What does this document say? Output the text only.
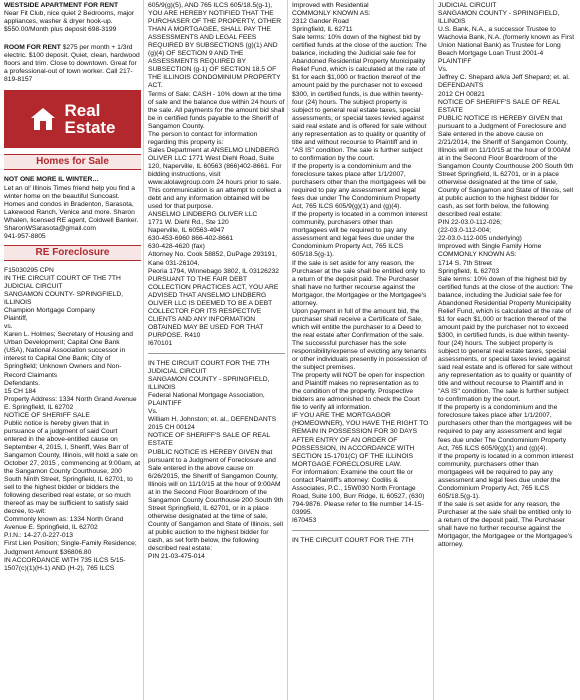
WESTSIDE APARTMENT FOR RENT
Near Fit Club, nice quiet 2 Bedrooms, major appliances, washer & dryer hook-up. $550.00/Month plus deposit 698-3199
ROOM FOR RENT $275 per month + 1/3rd electric. $100 deposit. Quiet, clean, hardwood floors and trim. Close to downtown. Great for a professional-out of town worker. Call 217-819-8157
Real
Estate
Homes for Sale
NOT ONE MORE IL WINTER…
Let an ol' Illinois Times friend help you find a winter home on the beautiful Suncoast. Homes and condos in Bradenton, Sarasota, Lakewood Ranch, Venice and more. Sharon Whalen, licensed RE agent, Coldwell Banker. SharonWSarasota@gmail.com
941-957-8805
RE Foreclosure
F15030295 CPN
IN THE CIRCUIT COURT OF THE 7TH JUDICIAL CIRCUIT
SANGAMON COUNTY- SPRINGFIELD, ILLINOIS
Champion Mortgage Company
Plaintiff,
vs.
Karen L. Holmes; Secretary of Housing and Urban Development; Capital One Bank (USA), National Association successor in interest to Capital One Bank; City of Springfield; Unknown Owners and Non-Record Claimants
Defendants.
15 CH 184
Property Address: 1334 North Grand Avenue E. Springfield, IL 62702
NOTICE OF SHERIFF SALE
Public notice is hereby given that in pursuance of a judgment of said Court entered in the above-entitled cause on September 4, 2015, I, Sheriff, Wes Barr of Sangamon County, Illinois, will hold a sale on October 27, 2015 , commencing at 9:00am, at the Sangamon County Courthouse, 200 South Ninth Street, Springfield, IL 62701, to sell to the highest bidder or bidders the following described real estate, or so much thereof as may be sufficient to satisfy said decree, to-wit:
Commonly known as: 1334 North Grand Avenue E. Springfield, IL 62702
P.I.N.: 14-27.0-227-013
First Lien Position; Single-Family Residence; Judgment Amount $36806.80
IN ACCORDANCE WITH 735 ILCS 5/15-1507(c)(1)(H-1) AND (H-2), 765 ILCS
605/9(g)(5), AND 765 ILCS 605/18.5(g-1), YOU ARE HEREBY NOTIFIED THAT THE PURCHASER OF THE PROPERTY, OTHER THAN A MORTGAGEE, SHALL PAY THE ASSESSMENTS AND LEGAL FEES REQUIRED BY SUBSECTIONS (g)(1) AND (g)(4) OF SECTION 9 AND THE ASSESSMENTS REQUIRED BY SUBSECTION (g-1) OF SECTION 18.5 OF THE ILLINOIS CONDOMINIUM PROPERTY ACT.
Terms of Sale: CASH - 10% down at the time of sale and the balance due within 24 hours of the sale. All payments for the amount bid shall be in certified funds payable to the Sheriff of Sangamon County.
The person to contact for information regarding this property is:
Sales Department at ANSELMO LINDBERG OLIVER LLC 1771 West Diehl Road, Suite 120, Naperville, IL 60563 (866)402-8661. For bidding instructions, visit www.alolawgroup.com 24 hours prior to sale.
This communication is an attempt to collect a debt and any information obtained will be used for that purpose.
ANSELMO LINDBERG OLIVER LLC
1771 W. Diehl Rd., Ste 120
Naperville, IL 60563-4947
630-453-6960 866-402-8661
630-428-4620 (fax)
Attorney No. Cook 58852, DuPage 293191, Kane 031-26104,
Peoria 1794, Winnebago 3802, IL 03126232
PURSUANT TO THE FAIR DEBT COLLECTION PRACTICES ACT, YOU ARE ADVISED THAT ANSELMO LINDBERG OLIVER LLC IS DEEMED TO BE A DEBT COLLECTOR FOR ITS RESPECTIVE CLIENTS AND ANY INFORMATION OBTAINED MAY BE USED FOR THAT PURPOSE. R410
I670101
IN THE CIRCUIT COURT FOR THE 7TH JUDICIAL CIRCUIT
SANGAMON COUNTY - SPRINGFIELD, ILLINOIS
Federal National Mortgage Association, PLAINTIFF
Vs.
William H. Johnston; et. al., DEFENDANTS
2015 CH 00124
NOTICE OF SHERIFF'S SALE OF REAL ESTATE
PUBLIC NOTICE IS HEREBY GIVEN that pursuant to a Judgment of Foreclosure and Sale entered in the above cause on 6/26/2015, the Sheriff of Sangamon County, Illinois will on 11/10/15 at the hour of 9:00AM at in the Second Floor Boardroom of the Sangamon County Courthouse 200 South 9th Street Springfield, IL 62701, or in a place otherwise designated at the time of sale, County of Sangamon and State of Illinois, sell at public auction to the highest bidder for cash, as set forth below, the following described real estate:
PIN 21-03-475-014
Improved with Residential
COMMONLY KNOWN AS:
2312 Gander Road
Springfield, IL 62711
Sale terms: 10% down of the highest bid by certified funds at the close of the auction: The balance, including the Judicial sale fee for Abandoned Residential Property Municipality Relief Fund, which is calculated at the rate of $1 for each $1,000 or fraction thereof of the amount paid by the purchaser not to exceed $300, in certified funds, is due within twenty-four (24) hours. The subject property is subject to general real estate taxes, special assessments, or special taxes levied against said real estate and is offered for sale without any representation as to quality or quantity of title and without recourse to Plaintiff and in "AS IS" condition. The sale is further subject to confirmation by the court.
If the property is a condominium and the foreclosure takes place after 1/1/2007, purchasers other than the mortgagees will be required to pay any assessment and legal fees due under The Condominium Property Act, 765 ILCS 605/9(g)(1) and (g)(4).
If the property is located in a common interest community, purchasers other than mortgagees will be required to pay any assessment and legal fees due under the Condominium Property Act, 765 ILCS 605/18.5(g-1).
If the sale is set aside for any reason, the Purchaser at the sale shall be entitled only to a return of the deposit paid. The Purchaser shall have no further recourse against the Mortgagor, the Mortgagee or the Mortgagee's attorney.
Upon payment in full of the amount bid, the purchaser shall receive a Certificate of Sale, which will entitle the purchaser to a Deed to the real estate after Confirmation of the sale. The successful purchaser has the sole responsibility/expense of evicting any tenants or other individuals presently in possession of the subject premises.
The property will NOT be open for inspection and Plaintiff makes no representation as to the condition of the property. Prospective bidders are admonished to check the Court file to verify all information.
IF YOU ARE THE MORTGAGOR (HOMEOWNER), YOU HAVE THE RIGHT TO REMAIN IN POSSESSION FOR 30 DAYS AFTER ENTRY OF AN ORDER OF POSSESSION, IN ACCORDANCE WITH SECTION 15-1701(C) OF THE ILLINOIS MORTGAGE FORECLOSURE LAW.
For information: Examine the court file or contact Plaintiff's attorney: Codilis & Associates, P.C., 15W030 North Frontage Road, Suite 100, Burr Ridge, IL 60527, (630) 794-9876. Please refer to file number 14-15-03995.
I670453
IN THE CIRCUIT COURT FOR THE 7TH
JUDICIAL CIRCUIT
SANGAMON COUNTY - SPRINGFIELD, ILLINOIS
U.S. Bank, N.A., a successor Trustee to Wachovia Bank, N.A. (formerly known as First Union National Bank) as Trustee for Long Beach Mortgage Loan Trust 2001-4 PLAINTIFF
Vs.
Jeffrey C. Shepard a/k/a Jeff Shepard; et. al.
DEFENDANTS
2012 CH 00821
NOTICE OF SHERIFF'S SALE OF REAL ESTATE
PUBLIC NOTICE IS HEREBY GIVEN that pursuant to a Judgment of Foreclosure and Sale entered in the above cause on 2/21/2014, the Sheriff of Sangamon County, Illinois will on 11/10/15 at the hour of 9:00AM at in the Second Floor Boardroom of the Sangamon County Courthouse 200 South 9th Street Springfield, IL 62701, or in a place otherwise designated at the time of sale, County of Sangamon and State of Illinois, sell at public auction to the highest bidder for cash, as set forth below, the following described real estate:
PIN 22-03.0-112-026;
(22-03.0-112-004;
22-03.0-112-005 underlying)
Improved with Single Family Home
COMMONLY KNOWN AS:
1714 S. 7th Street
Springfield, IL 62703
Sale terms: 10% down of the highest bid by certified funds at the close of the auction: The balance, including the Judicial sale fee for Abandoned Residential Property Municipality Relief Fund, which is calculated at the rate of $1 for each $1,000 or fraction thereof of the amount paid by the purchaser not to exceed $300, in certified funds, is due within twenty-four (24) hours. The subject property is subject to general real estate taxes, special assessments, or special taxes levied against said real estate and is offered for sale without any representation as to quality or quantity of title and without recourse to Plaintiff and in "AS IS" condition. The sale is further subject to confirmation by the court.
If the property is a condominium and the foreclosure takes place after 1/1/2007, purchasers other than the mortgagees will be required to pay any assessment and legal fees due under The Condominium Property Act, 765 ILCS 605/9(g)(1) and (g)(4).
If the property is located in a common interest community, purchasers other than mortgagees will be required to pay any assessment and legal fees due under the Condominium Property Act, 765 ILCS 605/18.5(g-1).
If the sale is set aside for any reason, the Purchaser at the sale shall be entitled only to a return of the deposit paid. The Purchaser shall have no further recourse against the Mortgagor, the Mortgagee or the Mortgagee's attorney.
